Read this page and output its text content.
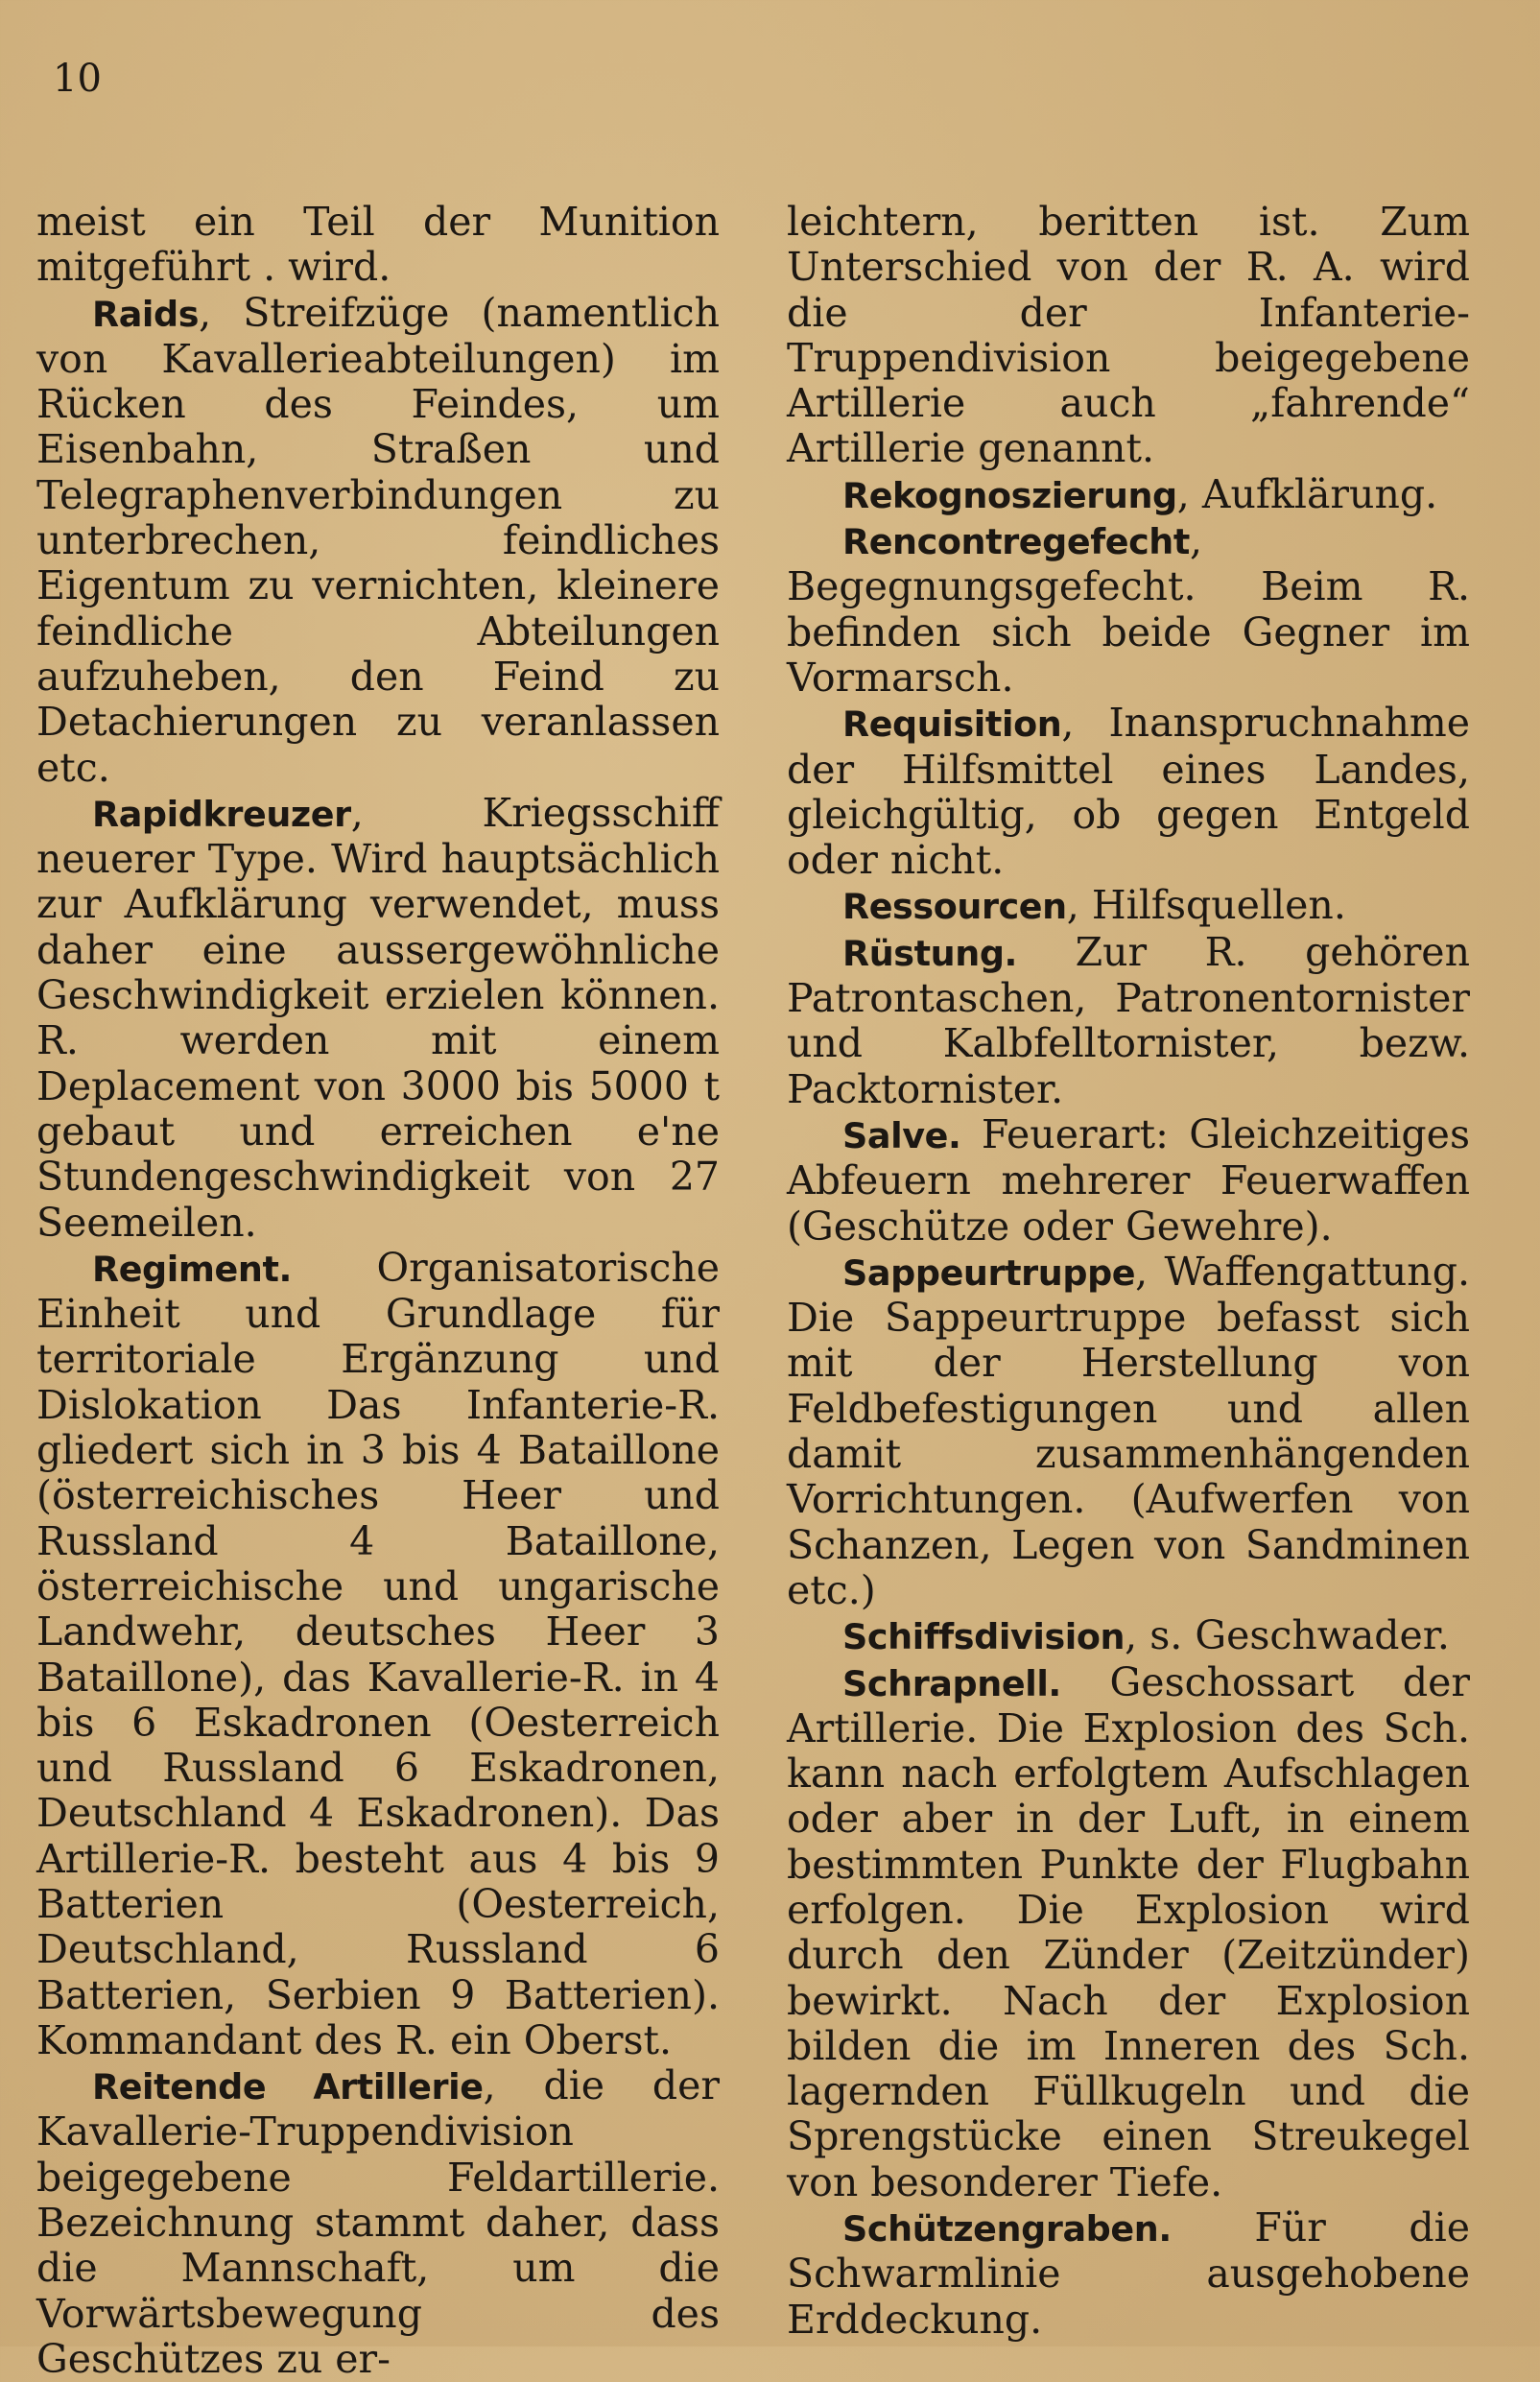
10

meist ein Teil der Munition mitgeführt . wird.

Raids, Streifzüge (namentlich von Kavallerieabteilungen) im Rücken des Feindes, um Eisenbahn, Straßen und Telegraphenverbindungen zu unterbrechen, feindliches Eigentum zu vernichten, kleinere feindliche Abteilungen aufzuheben, den Feind zu Detachierungen zu veranlassen etc.

Rapidkreuzer, Kriegsschiff neuerer Type. Wird hauptsächlich zur Aufklärung verwendet, muss daher eine aussergewöhnliche Geschwindigkeit erzielen können. R. werden mit einem Deplacement von 3000 bis 5000 t gebaut und erreichen e'ne Stundengeschwindigkeit von 27 Seemeilen.

Regiment. Organisatorische Einheit und Grundlage für territoriale Ergänzung und Dislokation Das Infanterie-R. gliedert sich in 3 bis 4 Bataillone (österreichisches Heer und Russland 4 Bataillone, österreichische und ungarische Landwehr, deutsches Heer 3 Bataillone), das Kavallerie-R. in 4 bis 6 Eskadronen (Oesterreich und Russland 6 Eskadronen, Deutschland 4 Eskadronen). Das Artillerie-R. besteht aus 4 bis 9 Batterien (Oesterreich, Deutschland, Russland 6 Batterien, Serbien 9 Batterien). Kommandant des R. ein Oberst.

Reitende Artillerie, die der Kavallerie-Truppendivision beigegebene Feldartillerie. Bezeichnung stammt daher, dass die Mannschaft, um die Vorwärtsbewegung des Geschützes zu er-

leichtern, beritten ist. Zum Unterschied von der R. A. wird die der Infanterie-Truppendivision beigegebene Artillerie auch „fahrende“ Artillerie genannt.

Rekognoszierung, Aufklärung.

Rencontregefecht, Begegnungsgefecht. Beim R. befinden sich beide Gegner im Vormarsch.

Requisition, Inanspruchnahme der Hilfsmittel eines Landes, gleichgültig, ob gegen Entgeld oder nicht.

Ressourcen, Hilfsquellen.

Rüstung. Zur R. gehören Patrontaschen, Patronentornister und Kalbfelltornister, bezw. Packtornister.

Salve. Feuerart: Gleichzeitiges Abfeuern mehrerer Feuerwaffen (Geschütze oder Gewehre).

Sappeurtruppe, Waffengattung. Die Sappeurtruppe befasst sich mit der Herstellung von Feldbefestigungen und allen damit zusammenhängenden Vorrichtungen. (Aufwerfen von Schanzen, Legen von Sandminen etc.)

Schiffsdivision, s. Geschwader.

Schrapnell. Geschossart der Artillerie. Die Explosion des Sch. kann nach erfolgtem Aufschlagen oder aber in der Luft, in einem bestimmten Punkte der Flugbahn erfolgen. Die Explosion wird durch den Zünder (Zeitzünder) bewirkt. Nach der Explosion bilden die im Inneren des Sch. lagernden Füllkugeln und die Sprengstücke einen Streukegel von besonderer Tiefe.

Schützengraben. Für die Schwarmlinie ausgehobene Erddeckung.
